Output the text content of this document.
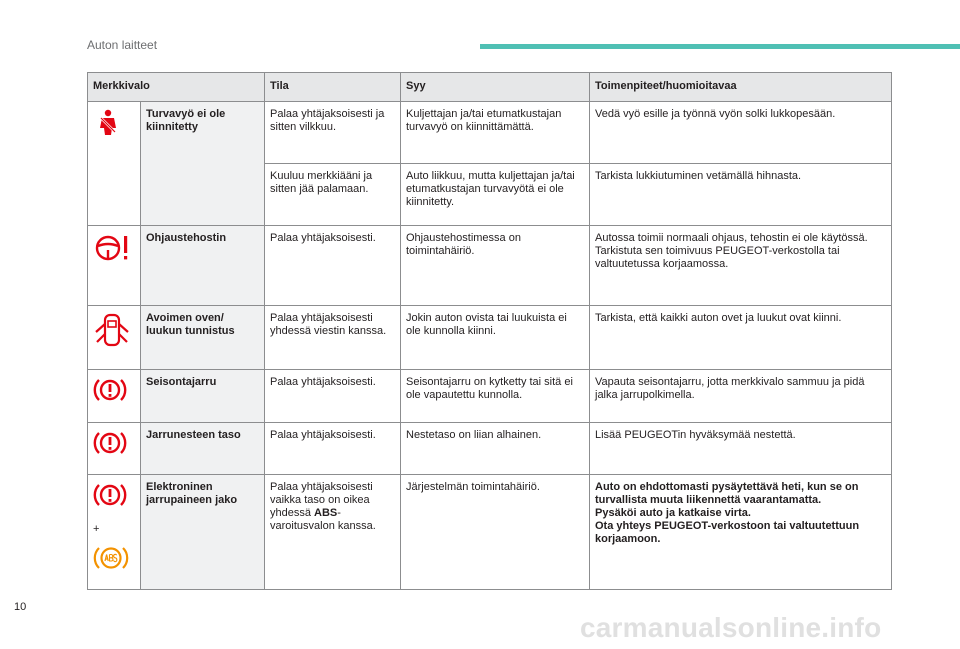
Auton laitteet
Merkkivalo		Tila	Syy	Toimenpiteet/huomioitavaa
	Turvavyö ei ole kiinnitetty	Palaa yhtäjaksoisesti ja sitten vilkkuu.	Kuljettajan ja/tai etumatkustajan turvavyö on kiinnittämättä.	Vedä vyö esille ja työnnä vyön solki lukkopesään.
		Kuuluu merkkiääni ja sitten jää palamaan.	Auto liikkuu, mutta kuljettajan ja/tai etumatkustajan turvavyötä ei ole kiinnitetty.	Tarkista lukkiutuminen vetämällä hihnasta.
	Ohjaustehostin	Palaa yhtäjaksoisesti.	Ohjaustehostimessa on toimintahäiriö.	Autossa toimii normaali ohjaus, tehostin ei ole käytössä.
Tarkistuta sen toimivuus PEUGEOT-verkostolla tai valtuutetussa korjaamossa.

	Avoimen oven/ luukun tunnistus	Palaa yhtäjaksoisesti yhdessä viestin kanssa.	Jokin auton ovista tai luukuista ei ole kunnolla kiinni.	Tarkista, että kaikki auton ovet ja luukut ovat kiinni.
	Seisontajarru	Palaa yhtäjaksoisesti.	Seisontajarru on kytketty tai sitä ei ole vapautettu kunnolla.	Vapauta seisontajarru, jotta merkkivalo sammuu ja pidä jalka jarrupolkimella.
	Jarrunesteen taso	Palaa yhtäjaksoisesti.	Nestetaso on liian alhainen.	Lisää PEUGEOTin hyväksymää nestettä.

+	Elektroninen jarrupaineen jako	Palaa yhtäjaksoisesti vaikka taso on oikea yhdessä ABS-varoitusvalon kanssa.	Järjestelmän toimintahäiriö.	Auto on ehdottomasti pysäytettävä heti, kun se on turvallista muuta liikennettä vaarantamatta.
Pysäköi auto ja katkaise virta.
Ota yhteys PEUGEOT-verkostoon tai valtuutettuun korjaamoon.
10
carmanualsonline.info
